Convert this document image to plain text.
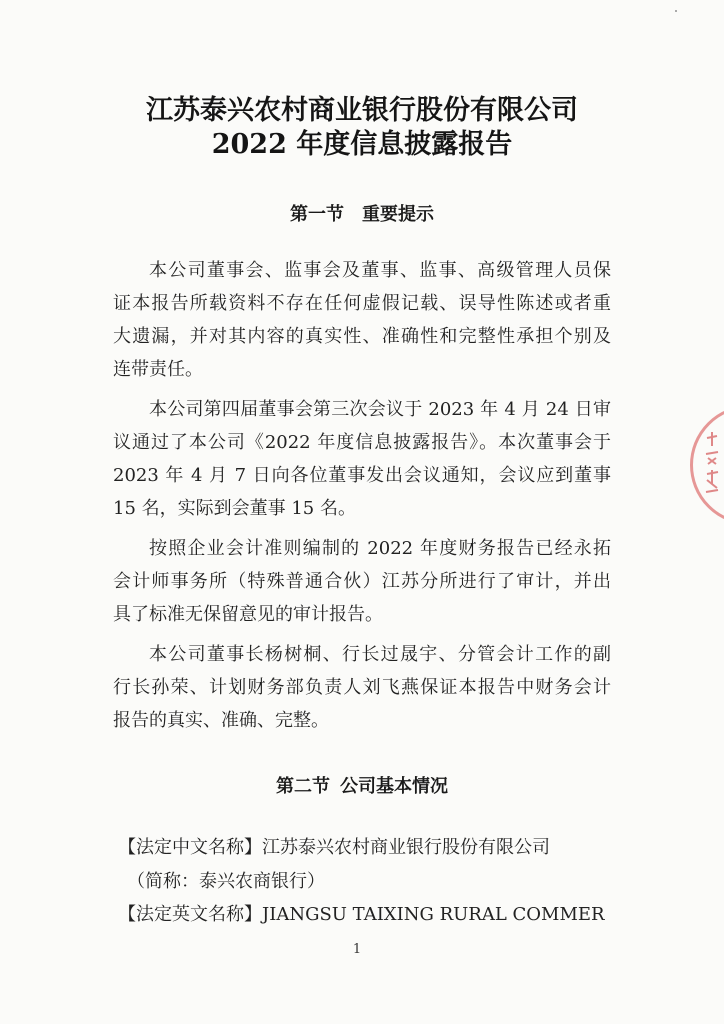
江苏泰兴农村商业银行股份有限公司
2022 年度信息披露报告
第一节 重要提示
本公司董事会、监事会及董事、监事、高级管理人员保
证本报告所载资料不存在任何虚假记载、误导性陈述或者重
大遗漏，并对其内容的真实性、准确性和完整性承担个别及
连带责任。
本公司第四届董事会第三次会议于 2023 年 4 月 24 日审
议通过了本公司《2022 年度信息披露报告》。本次董事会于
2023 年 4 月 7 日向各位董事发出会议通知，会议应到董事
15 名，实际到会董事 15 名。
按照企业会计准则编制的 2022 年度财务报告已经永拓
会计师事务所（特殊普通合伙）江苏分所进行了审计，并出
具了标准无保留意见的审计报告。
本公司董事长杨树桐、行长过晟宇、分管会计工作的副
行长孙荣、计划财务部负责人刘飞燕保证本报告中财务会计
报告的真实、准确、完整。
第二节 公司基本情况
【法定中文名称】江苏泰兴农村商业银行股份有限公司
（简称：泰兴农商银行）
【法定英文名称】JIANGSU TAIXING RURAL COMMER
1
